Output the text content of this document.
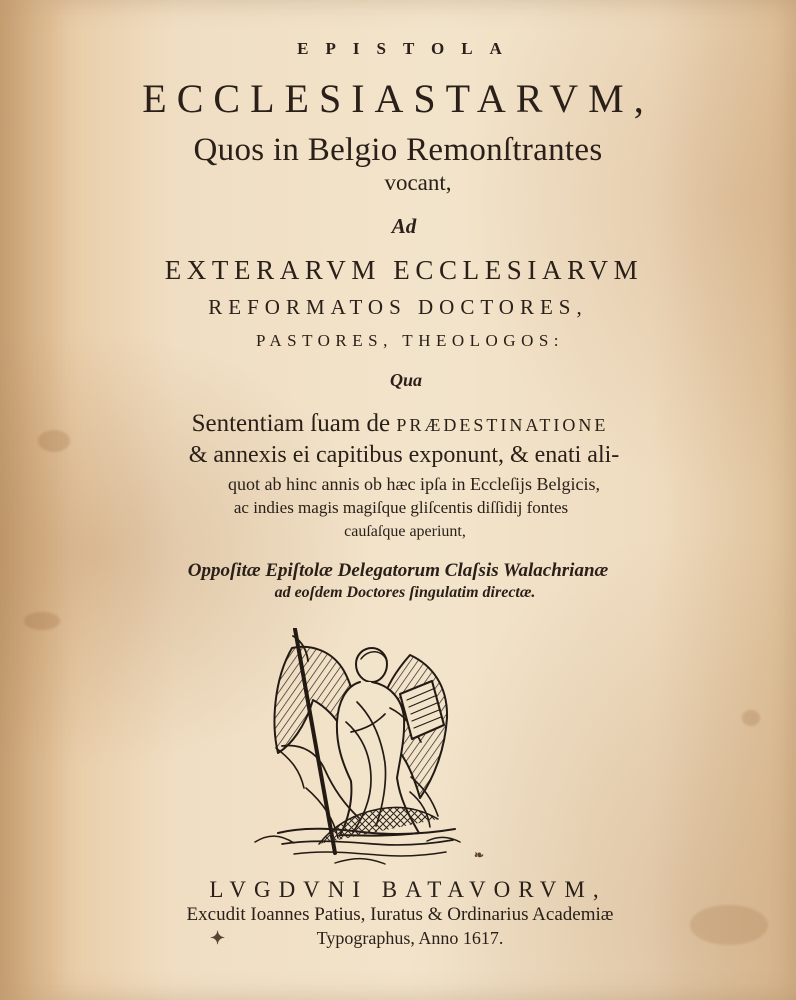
EPISTOLA
ECCLESIASTARVM,
Quos in Belgio Remonſtrantes
vocant,
Ad
EXTERARVM ECCLESIARVM
REFORMATOS DOCTORES,
PASTORES, THEOLOGOS:
Qua
Sententiam ſuam de PRÆDESTINATIONE
& annexis ei capitibus exponunt, & enati ali-
quot ab hinc annis ob hæc ipſa in Eccleſijs Belgicis,
ac indies magis magiſque gliſcentis diſſidij fontes
cauſaſque aperiunt,
Oppoſitæ Epiſtolæ Delegatorum Claſsis Walachrianæ
ad eoſdem Doctores ſingulatim directæ.
LVGDVNI BATAVORVM,
Excudit Ioannes Patius, Iuratus & Ordinarius Academiæ
Typographus, Anno 1617.
✦
❧
